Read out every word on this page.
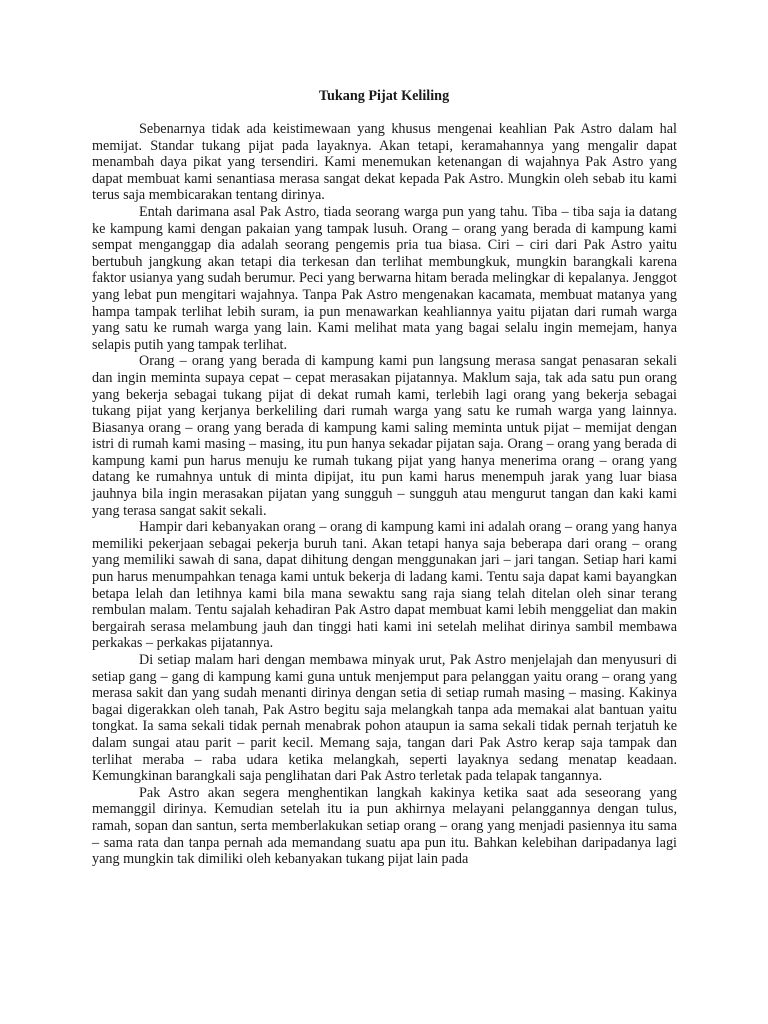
Tukang Pijat Keliling

Sebenarnya tidak ada keistimewaan yang khusus mengenai keahlian Pak Astro dalam hal memijat. Standar tukang pijat pada layaknya. Akan tetapi, keramahannya yang mengalir dapat menambah daya pikat yang tersendiri. Kami menemukan ketenangan di wajahnya Pak Astro yang dapat membuat kami senantiasa merasa sangat dekat kepada Pak Astro. Mungkin oleh sebab itu kami terus saja membicarakan tentang dirinya.

Entah darimana asal Pak Astro, tiada seorang warga pun yang tahu. Tiba – tiba saja ia datang ke kampung kami dengan pakaian yang tampak lusuh. Orang – orang yang berada di kampung kami sempat menganggap dia adalah seorang pengemis pria tua biasa. Ciri – ciri dari Pak Astro yaitu bertubuh jangkung akan tetapi dia terkesan dan terlihat membungkuk, mungkin barangkali karena faktor usianya yang sudah berumur. Peci yang berwarna hitam berada melingkar di kepalanya. Jenggot yang lebat pun mengitari wajahnya. Tanpa Pak Astro mengenakan kacamata, membuat matanya yang hampa tampak terlihat lebih suram, ia pun menawarkan keahliannya yaitu pijatan dari rumah warga yang satu ke rumah warga yang lain. Kami melihat mata yang bagai selalu ingin memejam, hanya selapis putih yang tampak terlihat.

Orang – orang yang berada di kampung kami pun langsung merasa sangat penasaran sekali dan ingin meminta supaya cepat – cepat merasakan pijatannya. Maklum saja, tak ada satu pun orang yang bekerja sebagai tukang pijat di dekat rumah kami, terlebih lagi orang yang bekerja sebagai tukang pijat yang kerjanya berkeliling dari rumah warga yang satu ke rumah warga yang lainnya. Biasanya orang – orang yang berada di kampung kami saling meminta untuk pijat – memijat dengan istri di rumah kami masing – masing, itu pun hanya sekadar pijatan saja. Orang – orang yang berada di kampung kami pun harus menuju ke rumah tukang pijat yang hanya menerima orang – orang yang datang ke rumahnya untuk di minta dipijat, itu pun kami harus menempuh jarak yang luar biasa jauhnya bila ingin merasakan pijatan yang sungguh – sungguh atau mengurut tangan dan kaki kami yang terasa sangat sakit sekali.

Hampir dari kebanyakan orang – orang di kampung kami ini adalah orang – orang yang hanya memiliki pekerjaan sebagai pekerja buruh tani. Akan tetapi hanya saja beberapa dari orang – orang yang memiliki sawah di sana, dapat dihitung dengan menggunakan jari – jari tangan. Setiap hari kami pun harus menumpahkan tenaga kami untuk bekerja di ladang kami. Tentu saja dapat kami bayangkan betapa lelah dan letihnya kami bila mana sewaktu sang raja siang telah ditelan oleh sinar terang rembulan malam. Tentu sajalah kehadiran Pak Astro dapat membuat kami lebih menggeliat dan makin bergairah serasa melambung jauh dan tinggi hati kami ini setelah melihat dirinya sambil membawa perkakas – perkakas pijatannya.

Di setiap malam hari dengan membawa minyak urut, Pak Astro menjelajah dan menyusuri di setiap gang – gang di kampung kami guna untuk menjemput para pelanggan yaitu orang – orang yang merasa sakit dan yang sudah menanti dirinya dengan setia di setiap rumah masing – masing. Kakinya bagai digerakkan oleh tanah, Pak Astro begitu saja melangkah tanpa ada memakai alat bantuan yaitu tongkat. Ia sama sekali tidak pernah menabrak pohon ataupun ia sama sekali tidak pernah terjatuh ke dalam sungai atau parit – parit kecil. Memang saja, tangan dari Pak Astro kerap saja tampak dan terlihat meraba – raba udara ketika melangkah, seperti layaknya sedang menatap keadaan. Kemungkinan barangkali saja penglihatan dari Pak Astro terletak pada telapak tangannya.

Pak Astro akan segera menghentikan langkah kakinya ketika saat ada seseorang yang memanggil dirinya. Kemudian setelah itu ia pun akhirnya melayani pelanggannya dengan tulus, ramah, sopan dan santun, serta memberlakukan setiap orang – orang yang menjadi pasiennya itu sama – sama rata dan tanpa pernah ada memandang suatu apa pun itu. Bahkan kelebihan daripadanya lagi yang mungkin tak dimiliki oleh kebanyakan tukang pijat lain pada
